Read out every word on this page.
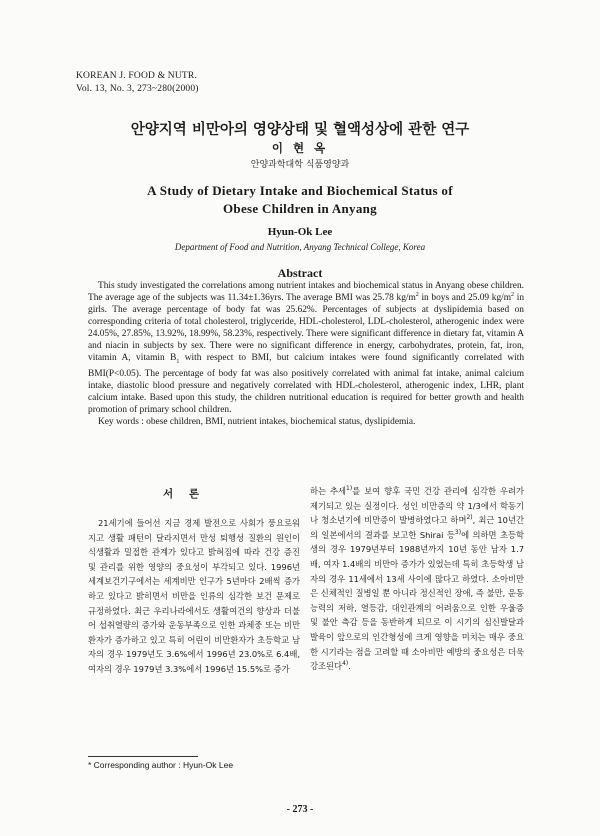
KOREAN J. FOOD & NUTR.
Vol. 13, No. 3, 273~280(2000)
안양지역 비만아의 영양상태 및 혈액성상에 관한 연구
이 현 옥
안양과학대학 식품영양과
A Study of Dietary Intake and Biochemical Status of
Obese Children in Anyang
Hyun-Ok Lee
Department of Food and Nutrition, Anyang Technical College, Korea
Abstract

This study investigated the correlations among nutrient intakes and biochemical status in Anyang obese children. The average age of the subjects was 11.34±1.36yrs. The average BMI was 25.78 $kg/m^2$ in boys and 25.09 $kg/m^2$ in girls. The average percentage of body fat was 25.62%. Percentages of subjects at dyslipidemia based on corresponding criteria of total cholesterol, triglyceride, HDL-cholesterol, LDL-cholesterol, atherogenic index were 24.05%, 27.85%, 13.92%, 18.99%, 58.23%, respectively. There were significant difference in dietary fat, vitamin A and niacin in subjects by sex. There were no significant difference in energy, carbohydrates, protein, fat, iron, vitamin A, vitamin $B_1$ with respect to BMI, but calcium intakes were found significantly correlated with BMI(P<0.05). The percentage of body fat was also positively correlated with animal fat intake, animal calcium intake, diastolic blood pressure and negatively correlated with HDL-cholesterol, atherogenic index, LHR, plant calcium intake. Based upon this study, the children nutritional education is required for better growth and health promotion of primary school children.

Key words : obese children, BMI, nutrient intakes, biochemical status, dyslipidemia.

서 론

21세기에 들어선 지금 경제 발전으로 사회가 풍요로워지고 생활 패턴이 달라지면서 만성 퇴행성 질환의 원인이 식생활과 밀접한 관계가 있다고 밝혀짐에 따라 건강 증진 및 관리를 위한 영양의 중요성이 부각되고 있다. 1996년 세계보건기구에서는 세계비만 인구가 5년마다 2배씩 증가하고 있다고 밝히면서 비만을 인류의 심각한 보건 문제로 규정하였다. 최근 우리나라에서도 생활여건의 향상과 더불어 섭취열량의 증가와 운동부족으로 인한 과체중 또는 비만환자가 증가하고 있고 특히 어린이 비만환자가 초등학교 남자의 경우 1979년도 3.6%에서 1996년 23.0%로 6.4배, 여자의 경우 1979년 3.3%에서 1996년 15.5%로 증가

하는 추세$^{1)}$를 보여 향후 국민 건강 관리에 심각한 우려가 제기되고 있는 실정이다. 성인 비만증의 약 1/3에서 학동기나 청소년기에 비만증이 발병하였다고 하며$^{2)}$, 최근 10년간의 일본에서의 결과를 보고한 Shirai 등$^{3)}$에 의하면 초등학생의 경우 1979년부터 1988년까지 10년 동안 남자 1.7배, 여자 1.4배의 비만아 증가가 있었는데 특히 초등학생 남자의 경우 11세에서 13세 사이에 많다고 하였다. 소아비만은 신체적인 질병일 뿐 아니라 정신적인 장애, 즉 불만, 운동능력의 저하, 열등감, 대인관계의 어려움으로 인한 우울증 및 불안 측감 등을 동반하게 되므로 이 시기의 심신발달과 발육이 앞으로의 인간형성에 크게 영향을 미치는 매우 중요한 시기라는 점을 고려할 때 소아비만 예방의 중요성은 더욱 강조된다$^{4)}$.

* Corresponding author : Hyun-Ok Lee
- 273 -
